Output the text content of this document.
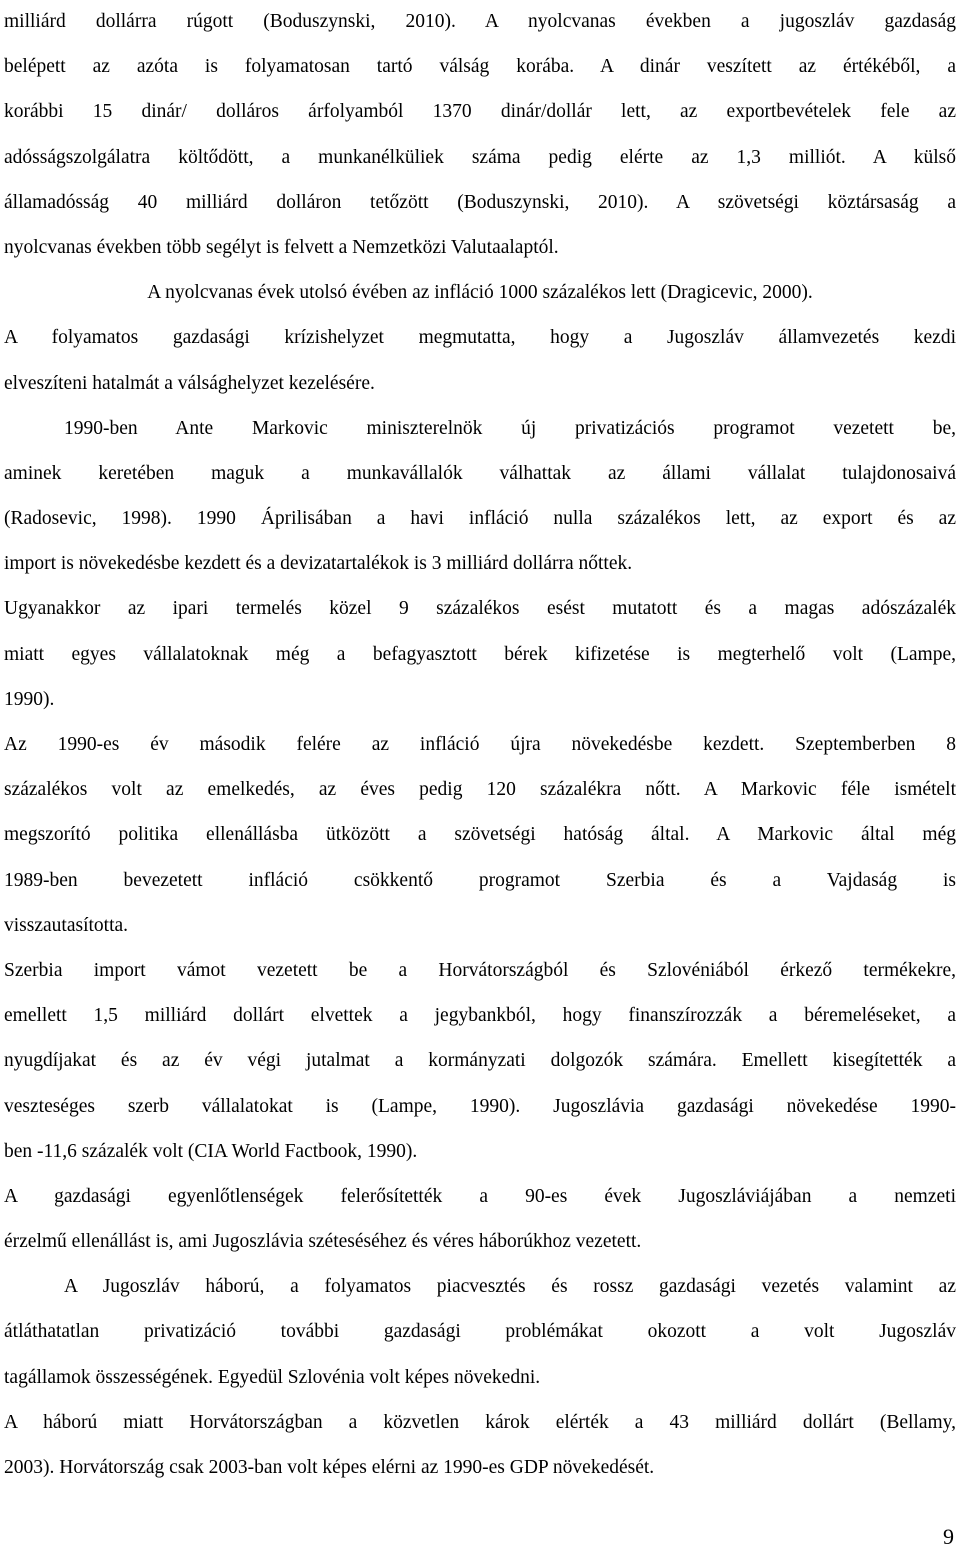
milliárd dollárra rúgott (Boduszynski, 2010). A nyolcvanas években a jugoszláv gazdaság
belépett az azóta is folyamatosan tartó válság korába. A dinár veszített az értékéből, a
korábbi 15 dinár/ dolláros árfolyamból 1370 dinár/dollár lett, az exportbevételek fele az
adósságszolgálatra költődött, a munkanélküliek száma pedig elérte az 1,3 milliót. A külső
államadósság 40 milliárd dolláron tetőzött (Boduszynski, 2010). A szövetségi köztársaság a
nyolcvanas években több segélyt is felvett a Nemzetközi Valutaalaptól.
A nyolcvanas évek utolsó évében az infláció 1000 százalékos lett (Dragicevic, 2000).
A folyamatos gazdasági krízishelyzet megmutatta, hogy a Jugoszláv államvezetés kezdi
elveszíteni hatalmát a válsághelyzet kezelésére.
1990-ben Ante Markovic miniszterelnök új privatizációs programot vezetett be,
aminek keretében maguk a munkavállalók válhattak az állami vállalat tulajdonosaivá
(Radosevic, 1998). 1990 Áprilisában a havi infláció nulla százalékos lett, az export és az
import is növekedésbe kezdett és a devizatartalékok is 3 milliárd dollárra nőttek.
Ugyanakkor az ipari termelés közel 9 százalékos esést mutatott és a magas adószázalék
miatt egyes vállalatoknak még a befagyasztott bérek kifizetése is megterhelő volt (Lampe,
1990).
Az 1990-es év második felére az infláció újra növekedésbe kezdett. Szeptemberben 8
százalékos volt az emelkedés, az éves pedig 120 százalékra nőtt. A Markovic féle ismételt
megszorító politika ellenállásba ütközött a szövetségi hatóság által. A Markovic által még
1989-ben bevezetett infláció csökkentő programot Szerbia és a Vajdaság is
visszautasította.
Szerbia import vámot vezetett be a Horvátországból és Szlovéniából érkező termékekre,
emellett 1,5 milliárd dollárt elvettek a jegybankból, hogy finanszírozzák a béremeléseket, a
nyugdíjakat és az év végi jutalmat a kormányzati dolgozók számára. Emellett kisegítették a
veszteséges szerb vállalatokat is (Lampe, 1990). Jugoszlávia gazdasági növekedése 1990-
ben -11,6 százalék volt (CIA World Factbook, 1990).
A gazdasági egyenlőtlenségek felerősítették a 90-es évek Jugoszláviájában a nemzeti
érzelmű ellenállást is, ami Jugoszlávia széteséséhez és véres háborúkhoz vezetett.
A Jugoszláv háború, a folyamatos piacvesztés és rossz gazdasági vezetés valamint az
átláthatatlan privatizáció további gazdasági problémákat okozott a volt Jugoszláv
tagállamok összességének. Egyedül Szlovénia volt képes növekedni.
A háború miatt Horvátországban a közvetlen károk elérték a 43 milliárd dollárt (Bellamy,
2003). Horvátország csak 2003-ban volt képes elérni az 1990-es GDP növekedését.
9
